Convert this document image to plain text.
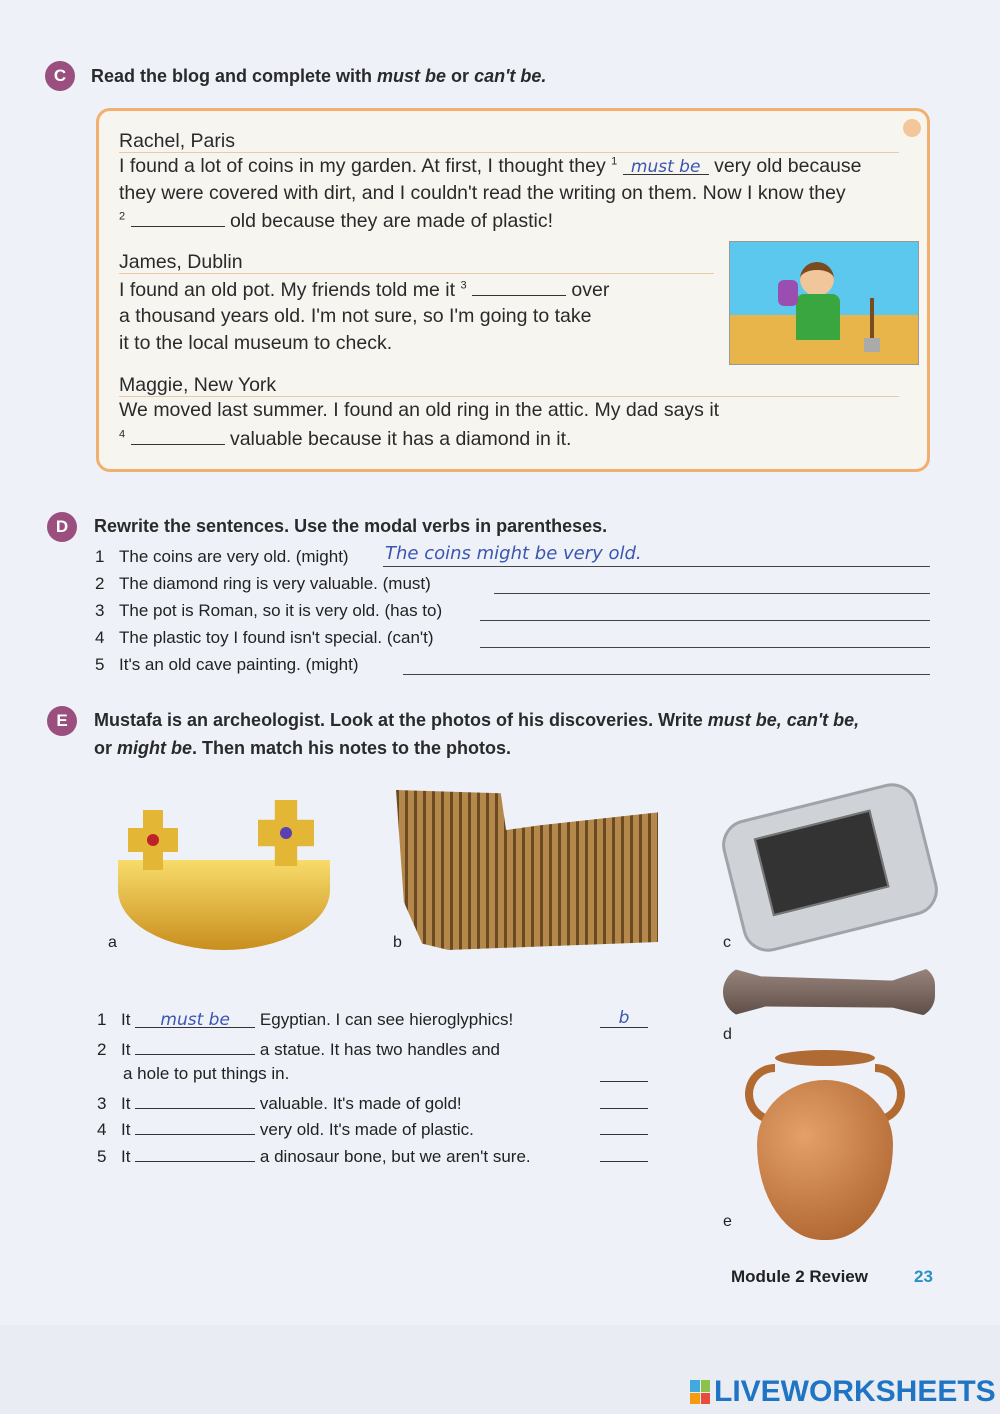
C	Read the blog and complete with must be or can't be.
Rachel, Paris
I found a lot of coins in my garden. At first, I thought they $^1$ must be very old because
they were covered with dirt, and I couldn't read the writing on them. Now I know they
$^2$	old because they are made of plastic!
James, Dublin
I found an old pot. My friends told me it $^3$	over
a thousand years old. I'm not sure, so I'm going to take
it to the local museum to check.
Maggie, New York
We moved last summer. I found an old ring in the attic. My dad says it
$^4$	valuable because it has a diamond in it.
D	Rewrite the sentences. Use the modal verbs in parentheses.
1 The coins are very old. (might) The coins might be very old.
2 The diamond ring is very valuable. (must)
3 The pot is Roman, so it is very old. (has to)
4 The plastic toy I found isn't special. (can't)
5 It's an old cave painting. (might)
E	Mustafa is an archeologist. Look at the photos of his discoveries. Write must be, can't be,
or might be. Then match his notes to the photos.
a	b	c
d
e
1 It must be Egyptian. I can see hieroglyphics!	b
2 It	a statue. It has two handles and
a hole to put things in.
3 It	valuable. It's made of gold!
4 It	very old. It's made of plastic.
5 It	a dinosaur bone, but we aren't sure.
Module 2 Review	23
LIVEWORKSHEETS
